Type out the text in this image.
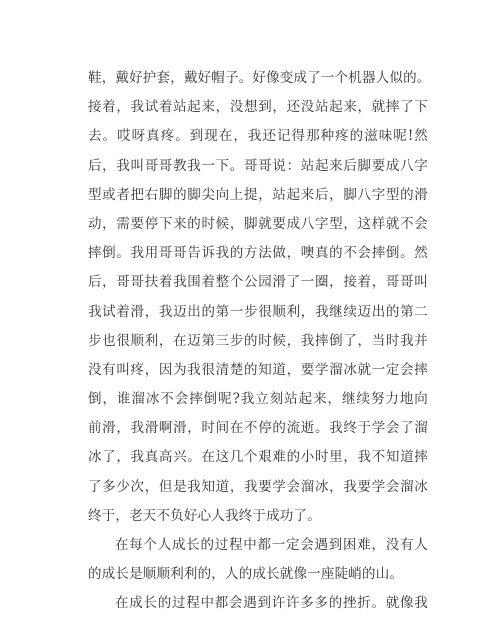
鞋，戴好护套，戴好帽子。好像变成了一个机器人似的。
接着，我试着站起来，没想到，还没站起来，就摔了下
去。哎呀真疼。到现在，我还记得那种疼的滋味呢!然
后，我叫哥哥教我一下。哥哥说：站起来后脚要成八字
型或者把右脚的脚尖向上提，站起来后，脚八字型的滑
动，需要停下来的时候，脚就要成八字型，这样就不会
摔倒。我用哥哥告诉我的方法做，噢真的不会摔倒。然
后，哥哥扶着我围着整个公园滑了一圈，接着，哥哥叫
我试着滑，我迈出的第一步很顺利，我继续迈出的第二
步也很顺利，在迈第三步的时候，我摔倒了，当时我并
没有叫疼，因为我很清楚的知道，要学溜冰就一定会摔
倒，谁溜冰不会摔倒呢?我立刻站起来，继续努力地向
前滑，我滑啊滑，时间在不停的流逝。我终于学会了溜
冰了，我真高兴。在这几个艰难的小时里，我不知道摔
了多少次，但是我知道，我要学会溜冰，我要学会溜冰
终于，老天不负好心人我终于成功了。
在每个人成长的过程中都一定会遇到困难，没有人
的成长是顺顺利利的，人的成长就像一座陡峭的山。
在成长的过程中都会遇到许许多多的挫折。就像我
